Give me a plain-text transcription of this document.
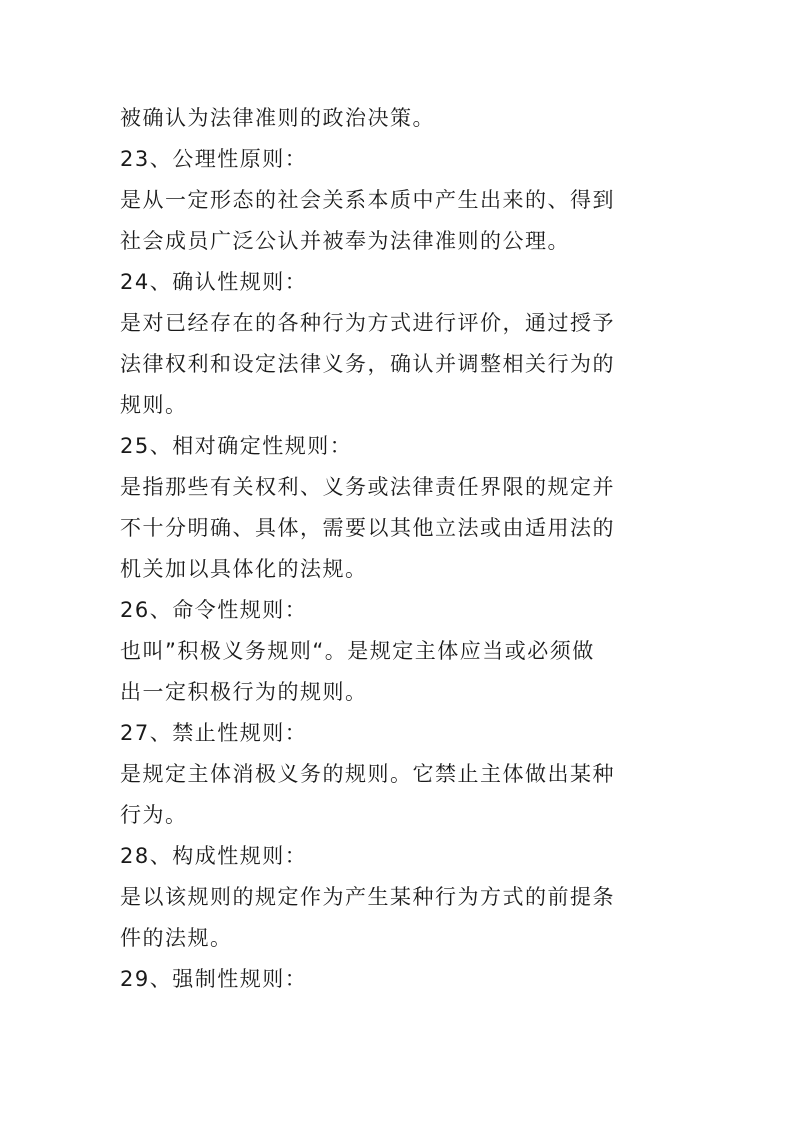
被确认为法律准则的政治决策。
23、公理性原则：
是从一定形态的社会关系本质中产生出来的、得到
社会成员广泛公认并被奉为法律准则的公理。
24、确认性规则：
是对已经存在的各种行为方式进行评价，通过授予
法律权利和设定法律义务，确认并调整相关行为的
规则。
25、相对确定性规则：
是指那些有关权利、义务或法律责任界限的规定并
不十分明确、具体，需要以其他立法或由适用法的
机关加以具体化的法规。
26、命令性规则：
也叫”积极义务规则“。是规定主体应当或必须做
出一定积极行为的规则。
27、禁止性规则：
是规定主体消极义务的规则。它禁止主体做出某种
行为。
28、构成性规则：
是以该规则的规定作为产生某种行为方式的前提条
件的法规。
29、强制性规则：
